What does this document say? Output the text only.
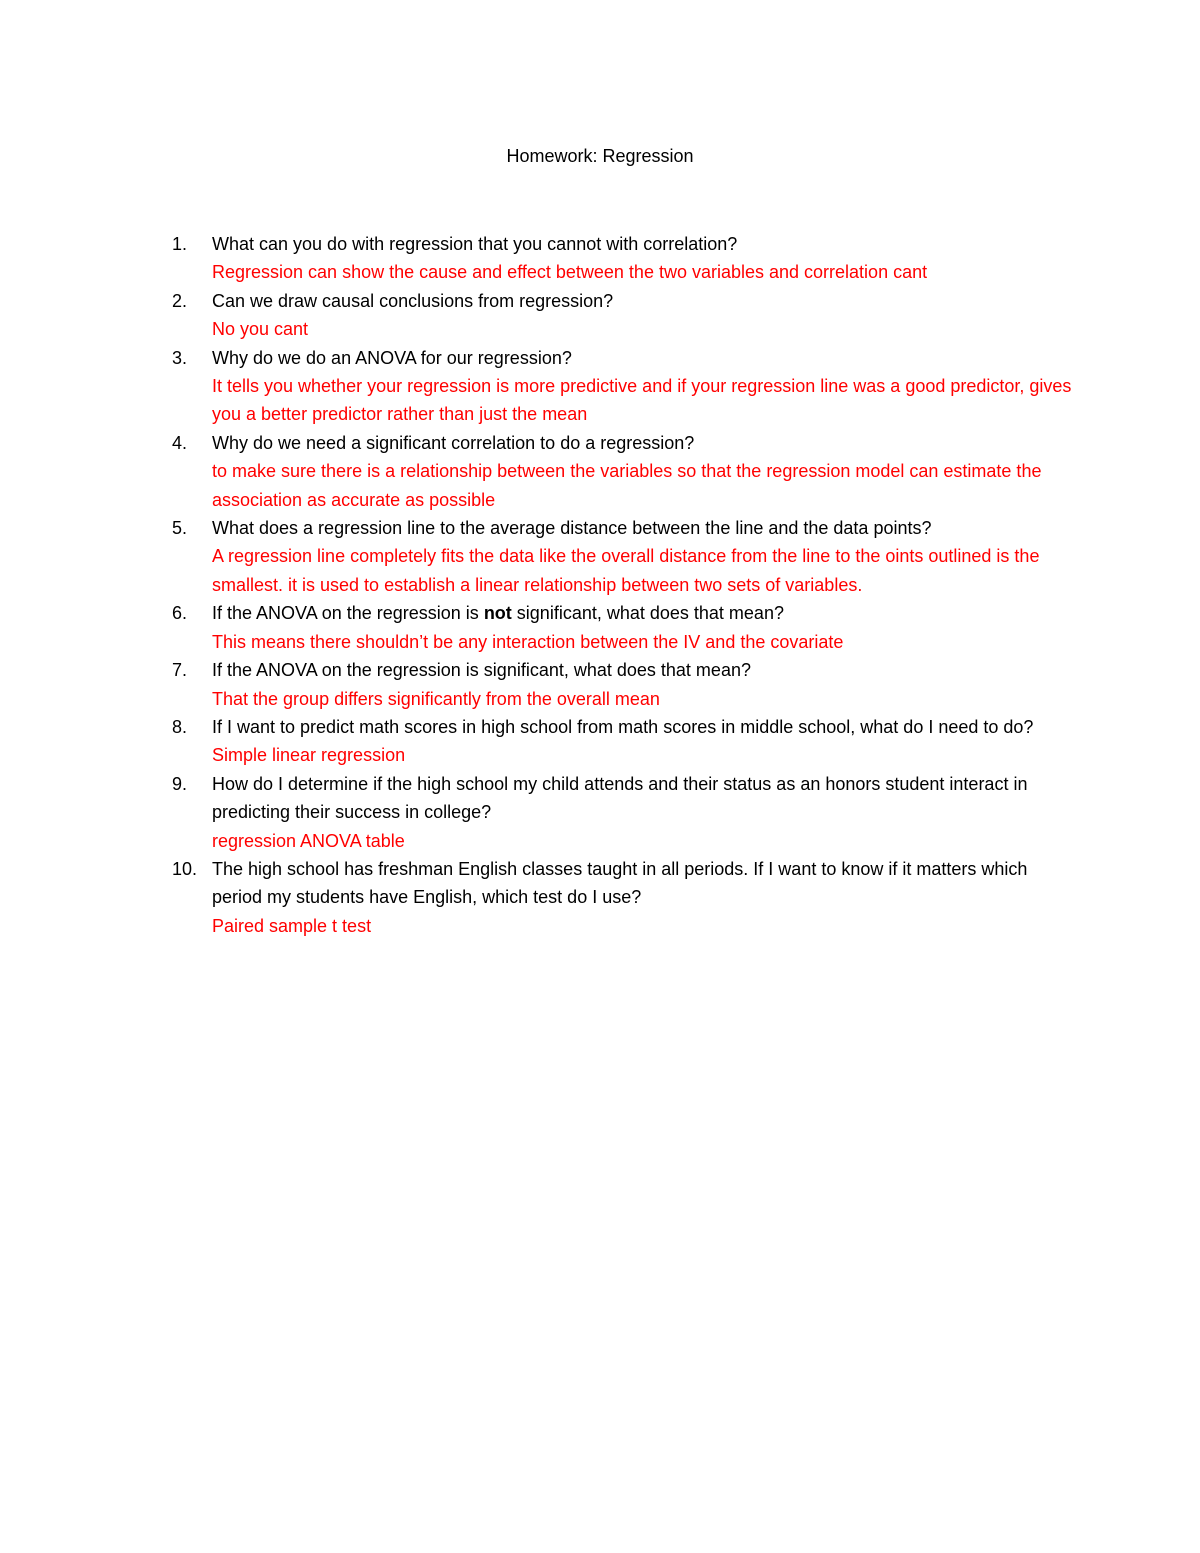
Homework: Regression
1.	What can you do with regression that you cannot with correlation?
Regression can show the cause and effect between the two variables and correlation cant
2.	Can we draw causal conclusions from regression?
No you cant
3.	Why do we do an ANOVA for our regression?
It tells you whether your regression is more predictive and if your regression line was a good predictor, gives you a better predictor rather than just the mean
4.	Why do we need a significant correlation to do a regression?
to make sure there is a relationship between the variables so that the regression model can estimate the association as accurate as possible
5.	What does a regression line to the average distance between the line and the data points?
A regression line completely fits the data like the overall distance from the line to the oints outlined is the smallest. it is used to establish a linear relationship between two sets of variables.
6.	If the ANOVA on the regression is not significant, what does that mean?
This means there shouldn’t be any interaction between the IV and the covariate
7.	If the ANOVA on the regression is significant, what does that mean?
That the group differs significantly from the overall mean
8.	If I want to predict math scores in high school from math scores in middle school, what do I need to do?
Simple linear regression
9.	How do I determine if the high school my child attends and their status as an honors student interact in predicting their success in college?
regression ANOVA table
10. The high school has freshman English classes taught in all periods. If I want to know if it matters which period my students have English, which test do I use?
Paired sample t test
